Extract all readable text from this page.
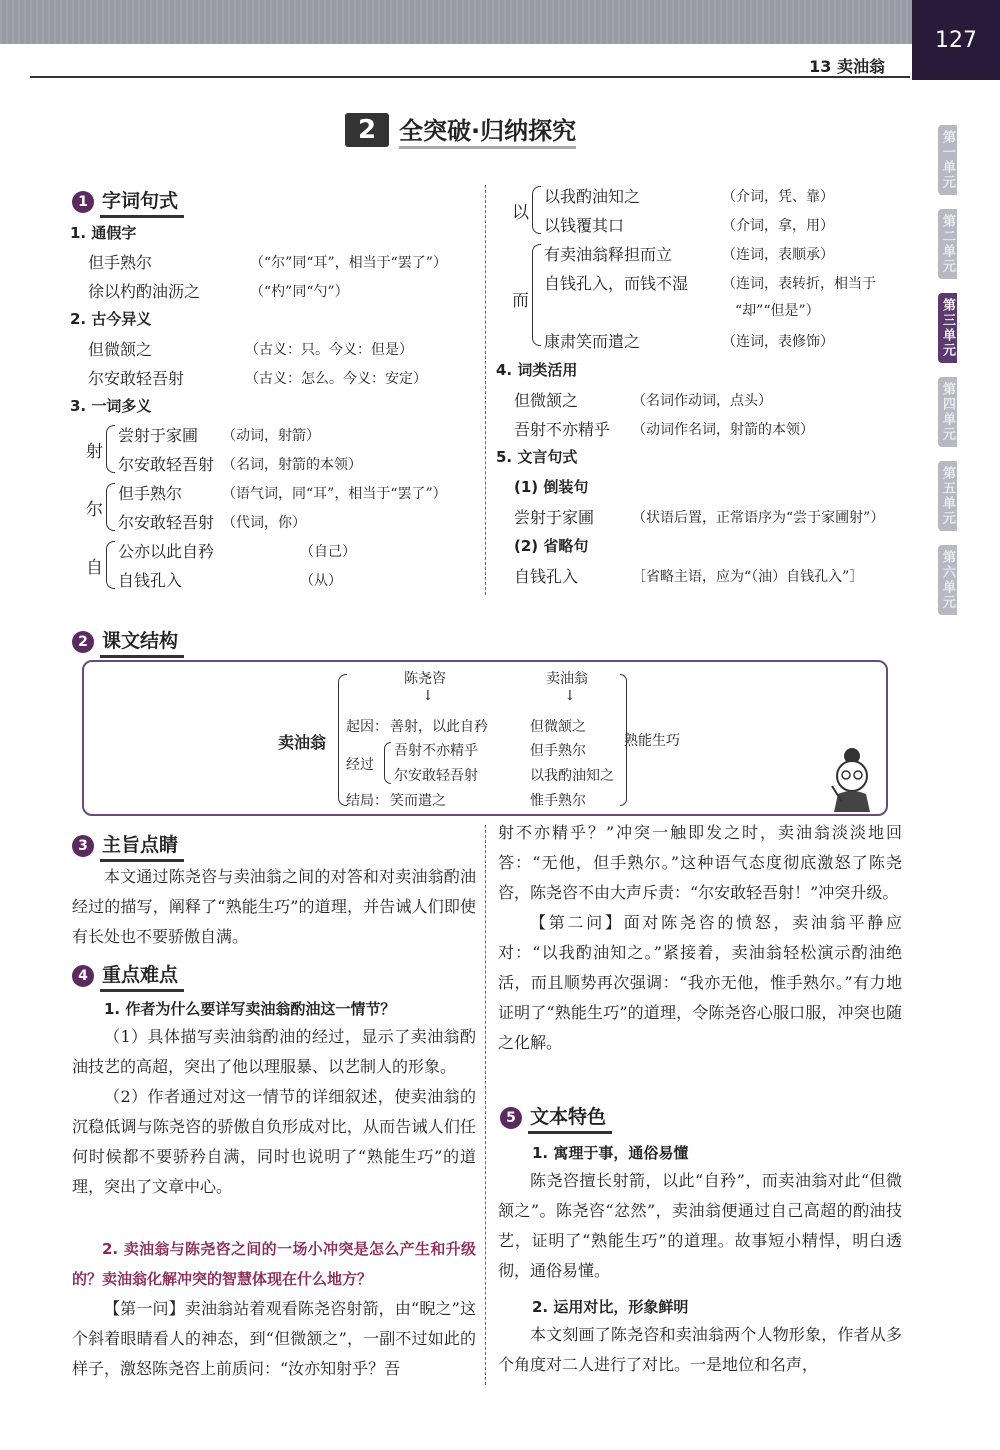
13 卖油翁
127
第一单元
第二单元
第三单元
第四单元
第五单元
第六单元
2 全突破·归纳探究
1 字词句式
1. 通假字
但手熟尔	（“尔”同“耳”，相当于“罢了”）
徐以杓酌油沥之	（“杓”同“勺”）
2. 古今异义
但微颔之	（古义：只。今义：但是）
尔安敢轻吾射	（古义：怎么。今义：安定）
3. 一词多义
射
尝射于家圃 （动词，射箭）
尔安敢轻吾射 （名词，射箭的本领）
尔
但手熟尔	（语气词，同“耳”，相当于“罢了”）
尔安敢轻吾射 （代词，你）
自
公亦以此自矜	（自己）
自钱孔入	（从）
以
以我酌油知之	（介词，凭、靠）
以钱覆其口	（介词，拿，用）
而
有卖油翁释担而立	（连词，表顺承）
自钱孔入，而钱不湿 （连词，表转折，相当于
“却”“但是”）
康肃笑而遣之	（连词，表修饰）
4. 词类活用
但微颔之	（名词作动词，点头）
吾射不亦精乎 （动词作名词，射箭的本领）
5. 文言句式
(1) 倒装句
尝射于家圃	（状语后置，正常语序为“尝于家圃射”）
(2) 省略句
自钱孔入	［省略主语，应为“（油）自钱孔入”］
2 课文结构
卖油翁
陈尧咨
↓
卖油翁
↓
起因： 善射，以此自矜	但微颔之
经过
吾射不亦精乎	但手熟尔
尔安敢轻吾射	以我酌油知之
结局： 笑而遣之	惟手熟尔
熟能生巧
3 主旨点睛

本文通过陈尧咨与卖油翁之间的对答和对卖油翁酌油经过的描写，阐释了“熟能生巧”的道理，并告诫人们即使有长处也不要骄傲自满。

4 重点难点
1. 作者为什么要详写卖油翁酌油这一情节？

（1）具体描写卖油翁酌油的经过，显示了卖油翁酌油技艺的高超，突出了他以理服暴、以艺制人的形象。

（2）作者通过对这一情节的详细叙述，使卖油翁的沉稳低调与陈尧咨的骄傲自负形成对比，从而告诫人们任何时候都不要骄矜自满，同时也说明了“熟能生巧”的道理，突出了文章中心。

2. 卖油翁与陈尧咨之间的一场小冲突是怎么产生和升级的？卖油翁化解冲突的智慧体现在什么地方？

【第一问】卖油翁站着观看陈尧咨射箭，由“睨之”这个斜着眼睛看人的神态，到“但微颔之”，一副不过如此的样子，激怒陈尧咨上前质问：“汝亦知射乎？吾

射不亦精乎？”冲突一触即发之时，卖油翁淡淡地回答：“无他，但手熟尔。”这种语气态度彻底激怒了陈尧咨，陈尧咨不由大声斥责：“尔安敢轻吾射！”冲突升级。

【第二问】面对陈尧咨的愤怒，卖油翁平静应对：“以我酌油知之。”紧接着，卖油翁轻松演示酌油绝活，而且顺势再次强调：“我亦无他，惟手熟尔。”有力地证明了“熟能生巧”的道理，令陈尧咨心服口服，冲突也随之化解。

5 文本特色
1. 寓理于事，通俗易懂

陈尧咨擅长射箭，以此“自矜”，而卖油翁对此“但微颔之”。陈尧咨“忿然”，卖油翁便通过自己高超的酌油技艺，证明了“熟能生巧”的道理。故事短小精悍，明白透彻，通俗易懂。

2. 运用对比，形象鲜明

本文刻画了陈尧咨和卖油翁两个人物形象，作者从多个角度对二人进行了对比。一是地位和名声，
